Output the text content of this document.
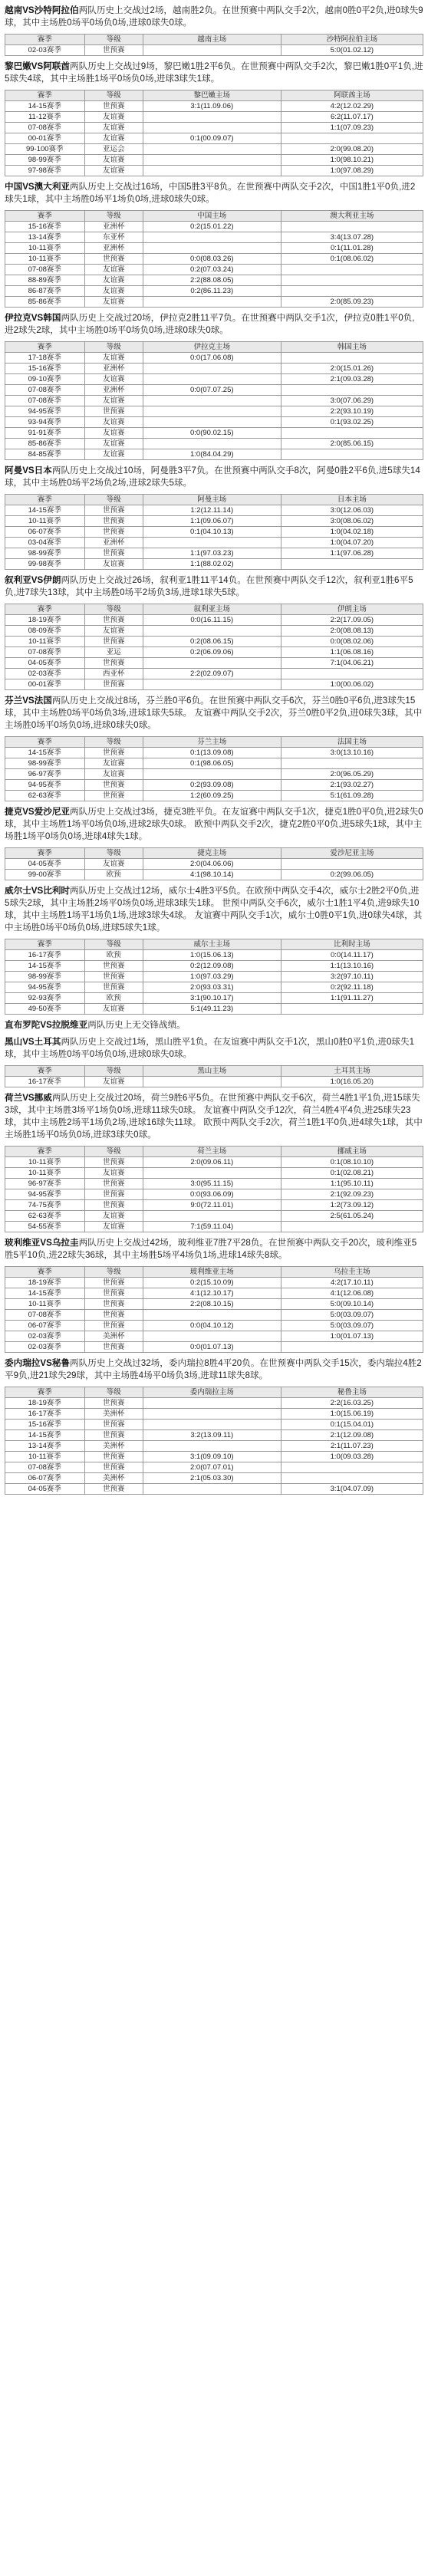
越南VS沙特阿拉伯两队历史上交战过2场，越南胜2负。在世预赛中两队交手2次，越南0胜0平2负,进0球失9球，其中主场胜0场平0场负0场,进球0球失0球。

赛季	等级	越南主场	沙特阿拉伯主场
02-03赛季	世预赛		5:0(01.02.12)

黎巴嫩VS阿联酋两队历史上交战过9场，黎巴嫩1胜2平6负。在世预赛中两队交手2次，黎巴嫩1胜0平1负,进5球失4球，其中主场胜1场平0场负0场,进球3球失1球。

赛季	等级	黎巴嫩主场	阿联酋主场
14-15赛季	世预赛	3:1(11.09.06)	4:2(12.02.29)
11-12赛季	友谊赛		6:2(11.07.17)
07-08赛季	友谊赛		1:1(07.09.23)
00-01赛季	友谊赛	0:1(00.09.07)	
99-100赛季	亚运会		2:0(99.08.20)
98-99赛季	友谊赛		1:0(98.10.21)
97-98赛季	友谊赛		1:0(97.08.29)

中国VS澳大利亚两队历史上交战过16场，中国5胜3平8负。在世预赛中两队交手2次，中国1胜1平0负,进2球失1球，其中主场胜0场平1场负0场,进球0球失0球。

赛季	等级	中国主场	澳大利亚主场
15-16赛季	亚洲杯	0:2(15.01.22)	
13-14赛季	东亚杯		3:4(13.07.28)
10-11赛季	亚洲杯		0:1(11.01.28)
10-11赛季	世预赛	0:0(08.03.26)	0:1(08.06.02)
07-08赛季	友谊赛	0:2(07.03.24)	
88-89赛季	友谊赛	2:2(88.08.05)	
86-87赛季	友谊赛	0:2(86.11.23)	
85-86赛季	友谊赛		2:0(85.09.23)

伊拉克VS韩国两队历史上交战过20场，伊拉克2胜11平7负。在世预赛中两队交手1次，伊拉克0胜1平0负,进2球失2球，其中主场胜0场平0场负0场,进球0球失0球。

赛季	等级	伊拉克主场	韩国主场
17-18赛季	友谊赛	0:0(17.06.08)	
15-16赛季	亚洲杯		2:0(15.01.26)
09-10赛季	友谊赛		2:1(09.03.28)
07-08赛季	亚洲杯	0:0(07.07.25)	
07-08赛季	友谊赛		3:0(07.06.29)
94-95赛季	世预赛		2:2(93.10.19)
93-94赛季	友谊赛		0:1(93.02.25)
91-91赛季	友谊赛	0:0(90.02.15)	
85-86赛季	友谊赛		2:0(85.06.15)
84-85赛季	友谊赛	1:0(84.04.29)	

阿曼VS日本两队历史上交战过10场，阿曼胜3平7负。在世预赛中两队交手8次，阿曼0胜2平6负,进5球失14球，其中主场胜0场平2场负2场,进球2球失5球。

赛季	等级	阿曼主场	日本主场
14-15赛季	世预赛	1:2(12.11.14)	3:0(12.06.03)
10-11赛季	世预赛	1:1(09.06.07)	3:0(08.06.02)
06-07赛季	世预赛	0:1(04.10.13)	1:0(04.02.18)
03-04赛季	亚洲杯		1:0(04.07.20)
98-99赛季	世预赛	1:1(97.03.23)	1:1(97.06.28)
99-98赛季	友谊赛	1:1(88.02.02)	

叙利亚VS伊朗两队历史上交战过26场，叙利亚1胜11平14负。在世预赛中两队交手12次，叙利亚1胜6平5负,进7球失13球，其中主场胜0场平2场负3场,进球1球失5球。

赛季	等级	叙利亚主场	伊朗主场
18-19赛季	世预赛	0:0(16.11.15)	2:2(17.09.05)
08-09赛季	友谊赛		2:0(08.08.13)
10-11赛季	世预赛	0:2(08.06.15)	0:0(08.02.06)
07-08赛季	亚运	0:2(06.09.06)	1:1(06.08.16)
04-05赛季	世预赛		7:1(04.06.21)
02-03赛季	西亚杯	2:2(02.09.07)	
00-01赛季	世预赛		1:0(00.06.02)

芬兰VS法国两队历史上交战过8场，芬兰胜0平6负。在世预赛中两队交手6次，芬兰0胜0平6负,进3球失15球，其中主场胜0场平0场负3场,进球1球失5球。 友谊赛中两队交手2次，芬兰0胜0平2负,进0球失3球，其中主场胜0场平0场负0场,进球0球失0球。

赛季	等级	芬兰主场	法国主场
14-15赛季	世预赛	0:1(13.09.08)	3:0(13.10.16)
98-99赛季	友谊赛	0:1(98.06.05)	
96-97赛季	友谊赛		2:0(96.05.29)
94-95赛季	世预赛	0:2(93.09.08)	2:1(93.02.27)
62-63赛季	世预赛	1:2(60.09.25)	5:1(61.09.28)

捷克VS爱沙尼亚两队历史上交战过3场，捷克3胜平负。在友谊赛中两队交手1次，捷克1胜0平0负,进2球失0球，其中主场胜1场平0场负0场,进球2球失0球。 欧预中两队交手2次，捷克2胜0平0负,进5球失1球，其中主场胜1场平0场负0场,进球4球失1球。

赛季	等级	捷克主场	爱沙尼亚主场
04-05赛季	友谊赛	2:0(04.06.06)	
99-00赛季	欧预	4:1(98.10.14)	0:2(99.06.05)

威尔士VS比利时两队历史上交战过12场，威尔士4胜3平5负。在欧预中两队交手4次，威尔士2胜2平0负,进5球失2球，其中主场胜2场平0场负0场,进球3球失1球。 世预中两队交手6次，威尔士1胜1平4负,进9球失10球，其中主场胜1场平1场负1场,进球3球失4球。 友谊赛中两队交手1次，威尔士0胜0平1负,进0球失4球，其中主场胜0场平0场负0场,进球5球失1球。

赛季	等级	威尔士主场	比利时主场
16-17赛季	欧预	1:0(15.06.13)	0:0(14.11.17)
14-15赛季	世预赛	0:2(12.09.08)	1:1(13.10.16)
98-99赛季	世预赛	1:0(97.03.29)	3:2(97.10.11)
94-95赛季	世预赛	2:0(93.03.31)	0:2(92.11.18)
92-93赛季	欧预	3:1(90.10.17)	1:1(91.11.27)
49-50赛季	友谊赛	5:1(49.11.23)	

直布罗陀VS拉脱维亚两队历史上无交锋战绩。

黑山VS土耳其两队历史上交战过1场，黑山胜平1负。在友谊赛中两队交手1次，黑山0胜0平1负,进0球失1球，其中主场胜0场平0场负0场,进球0球失0球。

赛季	等级	黑山主场	土耳其主场
16-17赛季	友谊赛		1:0(16.05.20)

荷兰VS挪威两队历史上交战过20场，荷兰9胜6平5负。在世预赛中两队交手6次，荷兰4胜1平1负,进15球失3球，其中主场胜3场平1场负0场,进球11球失0球。 友谊赛中两队交手12次，荷兰4胜4平4负,进25球失23球，其中主场胜2场平1场负2场,进球16球失11球。 欧预中两队交手2次，荷兰1胜1平0负,进4球失1球，其中主场胜1场平0场负0场,进球3球失0球。

赛季	等级	荷兰主场	挪威主场
10-11赛季	世预赛	2:0(09.06.11)	0:1(08.10.10)
10-11赛季	友谊赛		0:1(02.08.21)
96-97赛季	世预赛	3:0(95.11.15)	1:1(95.10.11)
94-95赛季	世预赛	0:0(93.06.09)	2:1(92.09.23)
74-75赛季	世预赛	9:0(72.11.01)	1:2(73.09.12)
62-63赛季	友谊赛		2:5(61.05.24)
54-55赛季	友谊赛	7:1(59.11.04)	

玻利维亚VS乌拉圭两队历史上交战过42场，玻利维亚7胜7平28负。在世预赛中两队交手20次，玻利维亚5胜5平10负,进22球失36球，其中主场胜5场平4场负1场,进球14球失8球。

赛季	等级	玻利维亚主场	乌拉圭主场
18-19赛季	世预赛	0:2(15.10.09)	4:2(17.10.11)
14-15赛季	世预赛	4:1(12.10.17)	4:1(12.06.08)
10-11赛季	世预赛	2:2(08.10.15)	5:0(09.10.14)
07-08赛季	世预赛		5:0(03.09.07)
06-07赛季	世预赛	0:0(04.10.12)	5:0(03.09.07)
02-03赛季	美洲杯		1:0(01.07.13)
02-03赛季	世预赛	0:0(01.07.13)	

委内瑞拉VS秘鲁两队历史上交战过32场，委内瑞拉8胜4平20负。在世预赛中两队交手15次，委内瑞拉4胜2平9负,进21球失29球，其中主场胜4场平0场负3场,进球11球失8球。

赛季	等级	委内瑞拉主场	秘鲁主场
18-19赛季	世预赛		2:2(16.03.25)
16-17赛季	美洲杯		1:0(15.06.19)
15-16赛季	世预赛		0:1(15.04.01)
14-15赛季	世预赛	3:2(13.09.11)	2:1(12.09.08)
13-14赛季	美洲杯		2:1(11.07.23)
10-11赛季	世预赛	3:1(09.09.10)	1:0(09.03.28)
07-08赛季	世预赛	2:0(07.07.01)	
06-07赛季	美洲杯	2:1(05.03.30)	
04-05赛季	世预赛		3:1(04.07.09)
